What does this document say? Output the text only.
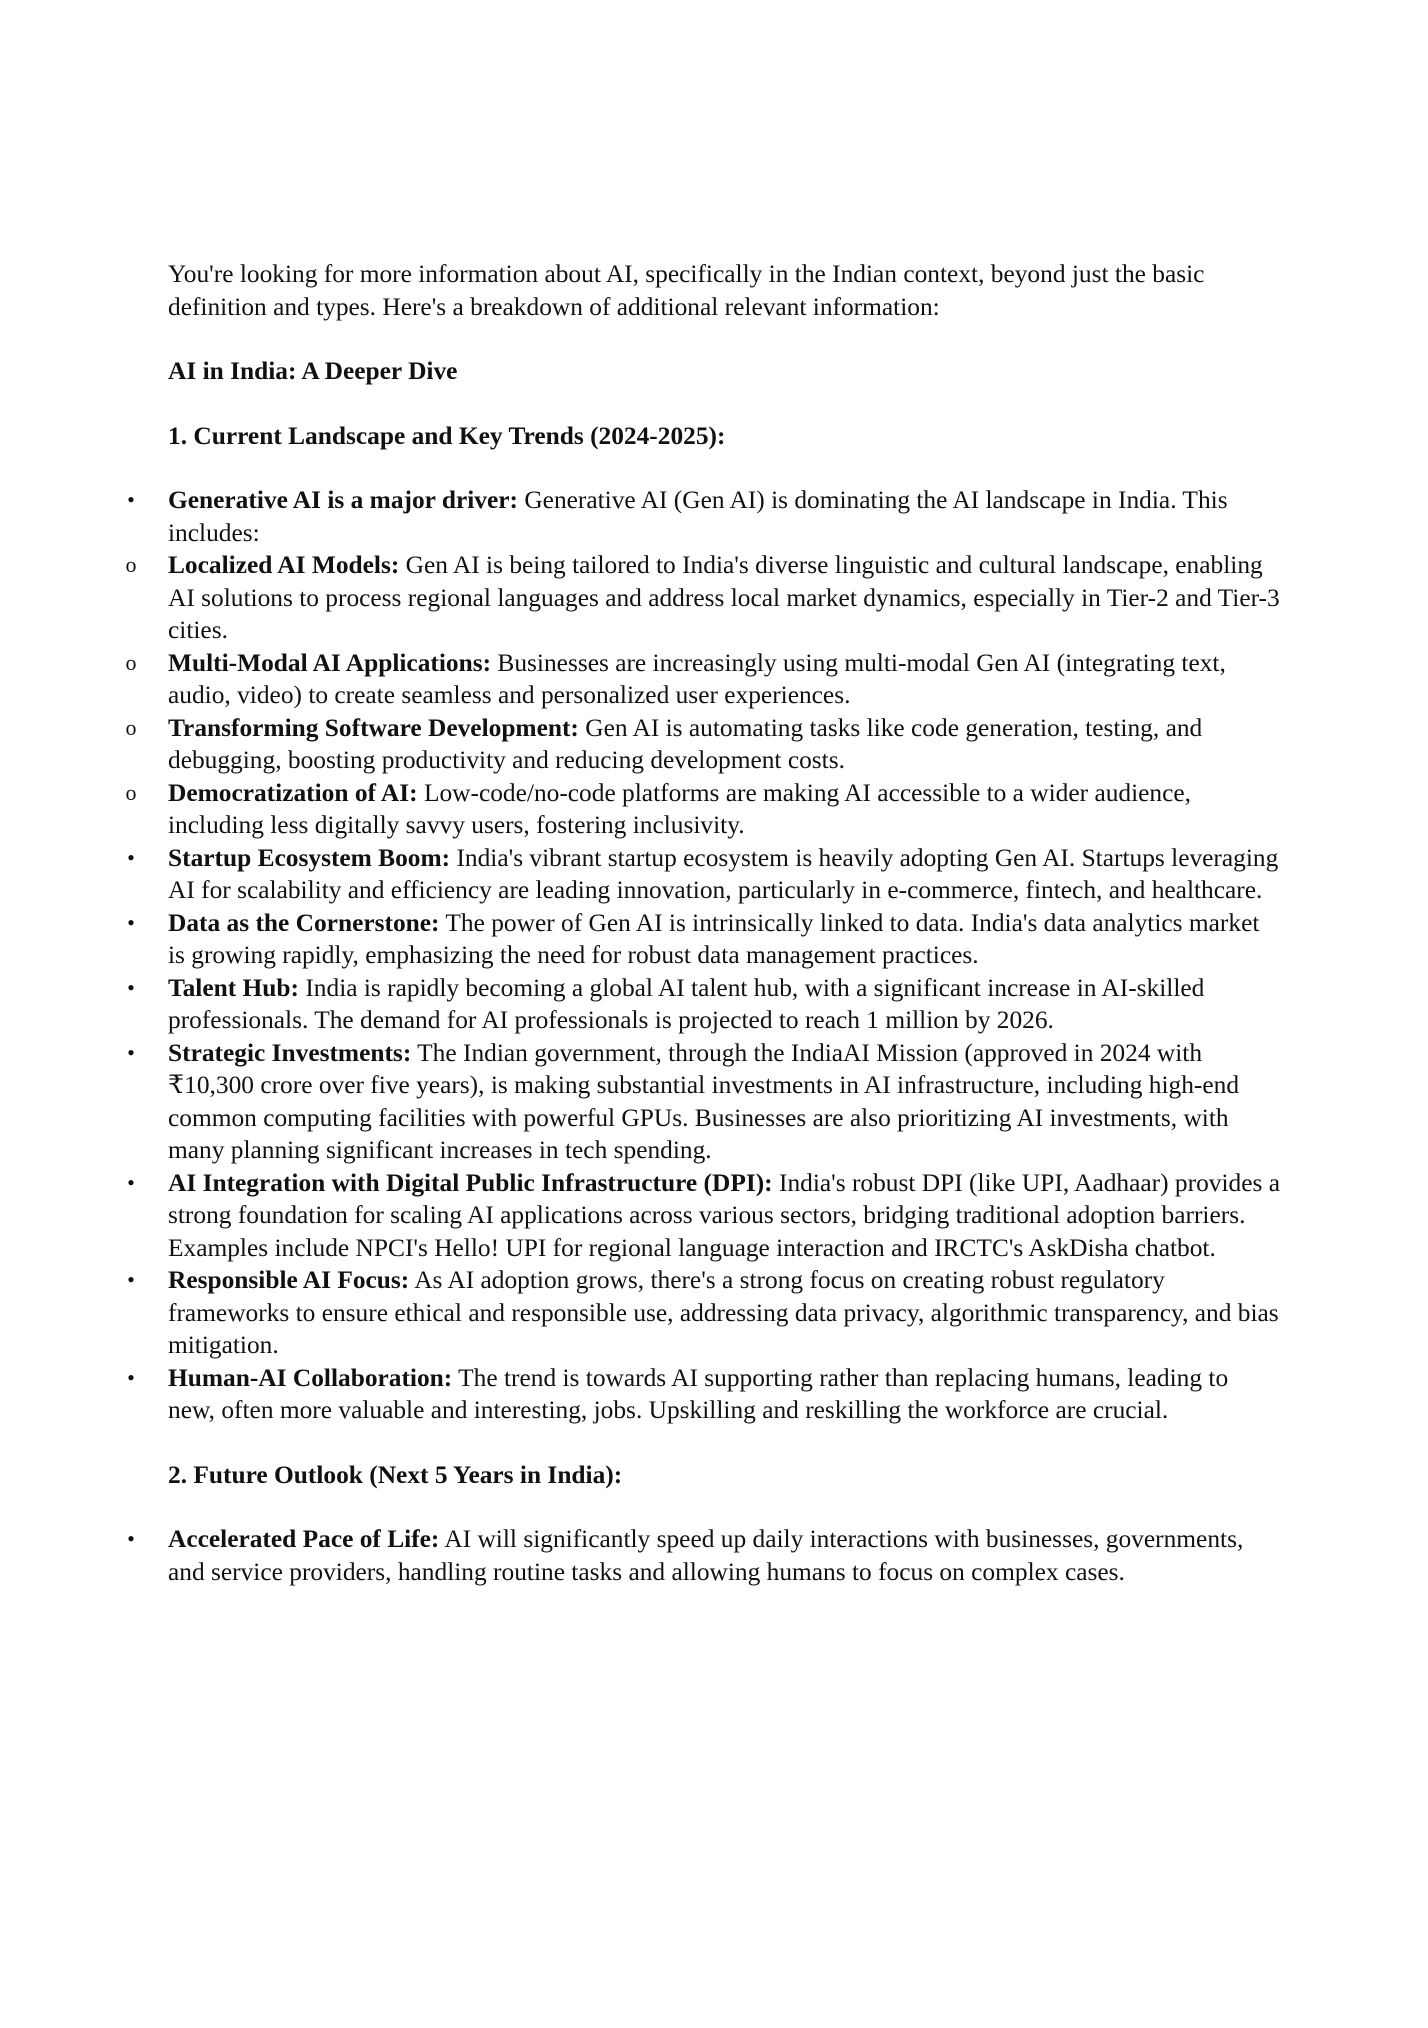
You're looking for more information about AI, specifically in the Indian context, beyond just the basic definition and types. Here's a breakdown of additional relevant information:

AI in India: A Deeper Dive

1. Current Landscape and Key Trends (2024-2025):

•
Generative AI is a major driver: Generative AI (Gen AI) is dominating the AI landscape in India. This includes:
o
Localized AI Models: Gen AI is being tailored to India's diverse linguistic and cultural landscape, enabling AI solutions to process regional languages and address local market dynamics, especially in Tier-2 and Tier-3 cities.
o
Multi-Modal AI Applications: Businesses are increasingly using multi-modal Gen AI (integrating text, audio, video) to create seamless and personalized user experiences.
o
Transforming Software Development: Gen AI is automating tasks like code generation, testing, and debugging, boosting productivity and reducing development costs.
o
Democratization of AI: Low-code/no-code platforms are making AI accessible to a wider audience, including less digitally savvy users, fostering inclusivity.
•
Startup Ecosystem Boom: India's vibrant startup ecosystem is heavily adopting Gen AI. Startups leveraging AI for scalability and efficiency are leading innovation, particularly in e-commerce, fintech, and healthcare.
•
Data as the Cornerstone: The power of Gen AI is intrinsically linked to data. India's data analytics market is growing rapidly, emphasizing the need for robust data management practices.
•
Talent Hub: India is rapidly becoming a global AI talent hub, with a significant increase in AI-skilled professionals. The demand for AI professionals is projected to reach 1 million by 2026.
•
Strategic Investments: The Indian government, through the IndiaAI Mission (approved in 2024 with ₹10,300 crore over five years), is making substantial investments in AI infrastructure, including high-end common computing facilities with powerful GPUs. Businesses are also prioritizing AI investments, with many planning significant increases in tech spending.
•
AI Integration with Digital Public Infrastructure (DPI): India's robust DPI (like UPI, Aadhaar) provides a strong foundation for scaling AI applications across various sectors, bridging traditional adoption barriers. Examples include NPCI's Hello! UPI for regional language interaction and IRCTC's AskDisha chatbot.
•
Responsible AI Focus: As AI adoption grows, there's a strong focus on creating robust regulatory frameworks to ensure ethical and responsible use, addressing data privacy, algorithmic transparency, and bias mitigation.
•
Human-AI Collaboration: The trend is towards AI supporting rather than replacing humans, leading to new, often more valuable and interesting, jobs. Upskilling and reskilling the workforce are crucial.

2. Future Outlook (Next 5 Years in India):

•
Accelerated Pace of Life: AI will significantly speed up daily interactions with businesses, governments, and service providers, handling routine tasks and allowing humans to focus on complex cases.
